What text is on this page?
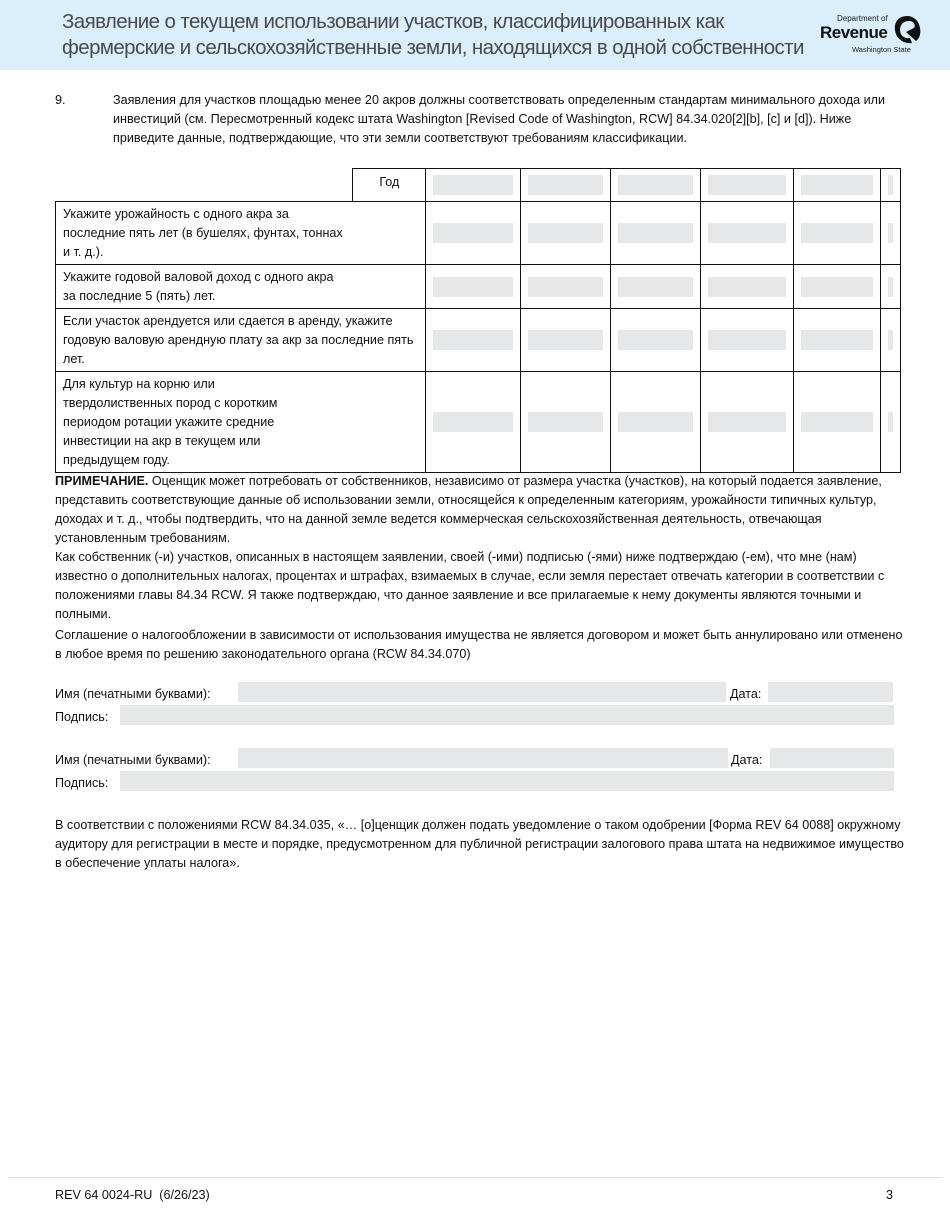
Заявление о текущем использовании участков, классифицированных как
фермерские и сельскохозяйственные земли, находящихся в одной собственности
Department of
Revenue
Washington State
9.	Заявления для участков площадью менее 20 акров должны соответствовать определенным стандартам минимального дохода или инвестиций (см. Пересмотренный кодекс штата Washington [Revised Code of Washington, RCW] 84.34.020[2][b], [c] и [d]). Ниже приведите данные, подтверждающие, что эти земли соответствуют требованиям классификации.
	Год	

Укажите урожайность с одного акра за последние пять лет (в бушелях, фунтах, тоннах и т. д.).							

Укажите годовой валовой доход с одного акра за последние 5 (пять) лет.							

Если участок арендуется или сдается в аренду, укажите годовую валовую арендную плату за акр за последние пять лет.							

Для культур на корню или твердолиственных пород с коротким периодом ротации укажите средние инвестиции на акр в текущем или предыдущем году.							

ПРИМЕЧАНИЕ. Оценщик может потребовать от собственников, независимо от размера участка (участков), на который подается заявление, представить соответствующие данные об использовании земли, относящейся к определенным категориям, урожайности типичных культур, доходах и т. д., чтобы подтвердить, что на данной земле ведется коммерческая сельскохозяйственная деятельность, отвечающая установленным требованиям.
Как собственник (-и) участков, описанных в настоящем заявлении, своей (-ими) подписью (-ями) ниже подтверждаю (-ем), что мне (нам) известно о дополнительных налогах, процентах и штрафах, взимаемых в случае, если земля перестает отвечать категории в соответствии с положениями главы 84.34 RCW. Я также подтверждаю, что данное заявление и все прилагаемые к нему документы являются точными и полными.
Соглашение о налогообложении в зависимости от использования имущества не является договором и может быть аннулировано или отменено в любое время по решению законодательного органа (RCW 84.34.070)
Имя (печатными буквами):	Дата:
Подпись:
Имя (печатными буквами):	Дата:
Подпись:
В соответствии с положениями RCW 84.34.035, «… [о]ценщик должен подать уведомление о таком одобрении [Форма REV 64 0088] окружному аудитору для регистрации в месте и порядке, предусмотренном для публичной регистрации залогового права штата на недвижимое имущество в обеспечение уплаты налога».
REV 64 0024-RU  (6/26/23)	3
